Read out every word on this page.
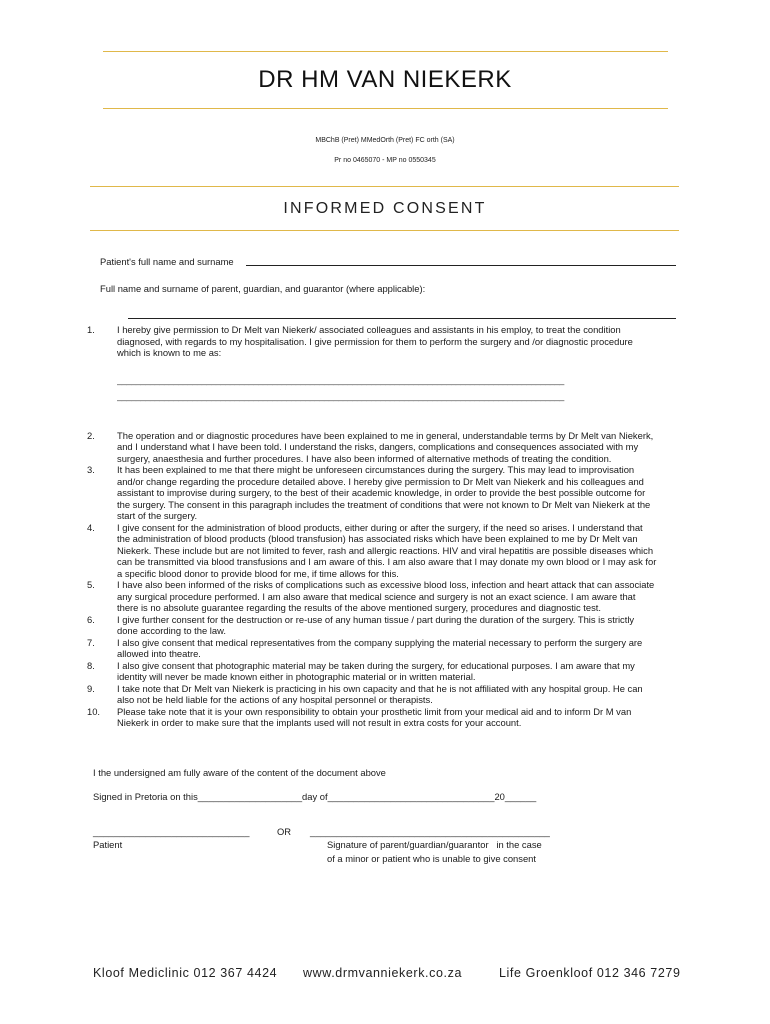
DR HM VAN NIEKERK
MBChB (Pret) MMedOrth (Pret) FC orth (SA)
Pr no 0465070 - MP no 0550345
INFORMED CONSENT
Patient's full name and surname
Full name and surname of parent, guardian, and guarantor (where applicable):
1. I hereby give permission to Dr Melt van Niekerk/ associated colleagues and assistants in his employ, to treat the condition diagnosed, with regards to my hospitalisation. I give permission for them to perform the surgery and /or diagnostic procedure which is known to me as:
_______________________________________________________________________________________________
_______________________________________________________________________________________________
2. The operation and or diagnostic procedures have been explained to me in general, understandable terms by Dr Melt van Niekerk, and I understand what I have been told. I understand the risks, dangers, complications and consequences associated with my surgery, anaesthesia and further procedures. I have also been informed of alternative methods of treating the condition.
3. It has been explained to me that there might be unforeseen circumstances during the surgery. This may lead to improvisation and/or change regarding the procedure detailed above. I hereby give permission to Dr Melt van Niekerk and his colleagues and assistant to improvise during surgery, to the best of their academic knowledge, in order to provide the best possible outcome for the surgery. The consent in this paragraph includes the treatment of conditions that were not known to Dr Melt van Niekerk at the start of the surgery.
4. I give consent for the administration of blood products, either during or after the surgery, if the need so arises. I understand that the administration of blood products (blood transfusion) has associated risks which have been explained to me by Dr Melt van Niekerk. These include but are not limited to fever, rash and allergic reactions. HIV and viral hepatitis are possible diseases which can be transmitted via blood transfusions and I am aware of this. I am also aware that I may donate my own blood or I may ask for a specific blood donor to provide blood for me, if time allows for this.
5. I have also been informed of the risks of complications such as excessive blood loss, infection and heart attack that can associate any surgical procedure performed. I am also aware that medical science and surgery is not an exact science. I am aware that there is no absolute guarantee regarding the results of the above mentioned surgery, procedures and diagnostic test.
6. I give further consent for the destruction or re-use of any human tissue / part during the duration of the surgery. This is strictly done according to the law.
7. I also give consent that medical representatives from the company supplying the material necessary to perform the surgery are allowed into theatre.
8. I also give consent that photographic material may be taken during the surgery, for educational purposes. I am aware that my identity will never be made known either in photographic material or in written material.
9. I take note that Dr Melt van Niekerk is practicing in his own capacity and that he is not affiliated with any hospital group. He can also not be held liable for the actions of any hospital personnel or therapists.
10. Please take note that it is your own responsibility to obtain your prosthetic limit from your medical aid and to inform Dr M van Niekerk in order to make sure that the implants used will not result in extra costs for your account.
I the undersigned am fully aware of the content of the document above
Signed in Pretoria on this____________________day of________________________________20______
______________________________	OR ______________________________________________
Patient	Signature of parent/guardian/guarantor   in the case
of a minor or patient who is unable to give consent
Kloof Mediclinic 012 367 4424 www.drmvanniekerk.co.za	Life Groenkloof 012 346 7279
